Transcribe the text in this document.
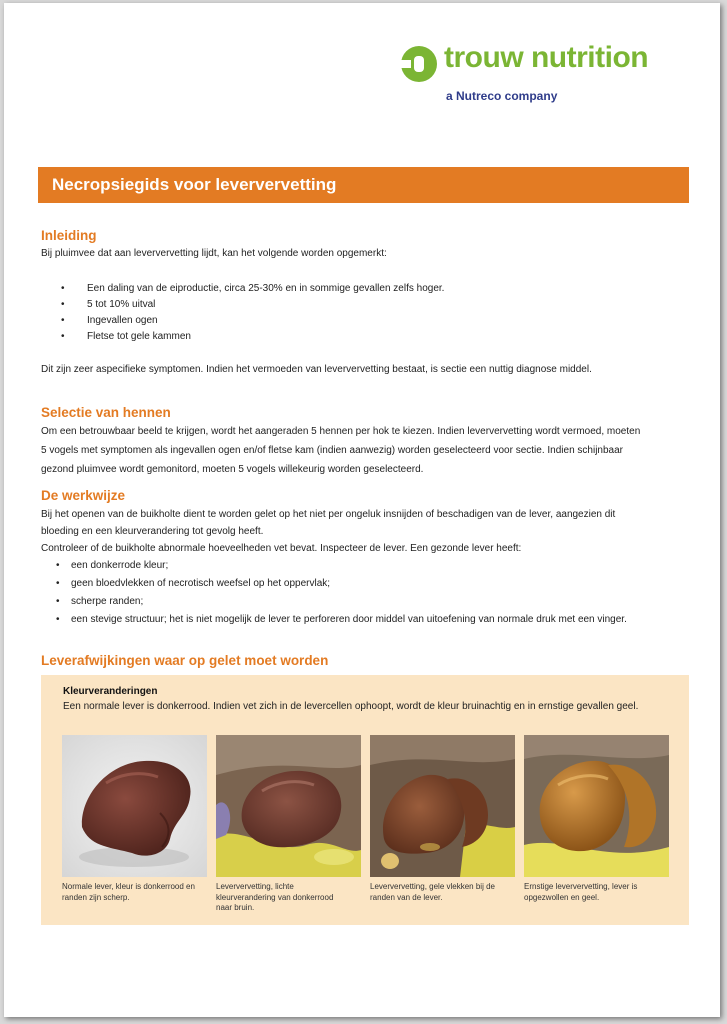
trouw nutrition
a Nutreco company
Necropsiegids voor leververvetting
Inleiding

Bij pluimvee dat aan leververvetting lijdt, kan het volgende worden opgemerkt:

• Een daling van de eiproductie, circa 25-30% en in sommige gevallen zelfs hoger.
• 5 tot 10% uitval
• Ingevallen ogen
• Fletse tot gele kammen

Dit zijn zeer aspecifieke symptomen. Indien het vermoeden van leververvetting bestaat, is sectie een nuttig diagnose middel.

Selectie van hennen

Om een betrouwbaar beeld te krijgen, wordt het aangeraden 5 hennen per hok te kiezen. Indien leververvetting wordt vermoed, moeten 5 vogels met symptomen als ingevallen ogen en/of fletse kam (indien aanwezig) worden geselecteerd voor sectie. Indien schijnbaar gezond pluimvee wordt gemonitord, moeten 5 vogels willekeurig worden geselecteerd.

De werkwijze

Bij het openen van de buikholte dient te worden gelet op het niet per ongeluk insnijden of beschadigen van de lever, aangezien dit bloeding en een kleurverandering tot gevolg heeft.

Controleer of de buikholte abnormale hoeveelheden vet bevat. Inspecteer de lever. Een gezonde lever heeft:

• een donkerrode kleur;
• geen bloedvlekken of necrotisch weefsel op het oppervlak;
• scherpe randen;
• een stevige structuur; het is niet mogelijk de lever te perforeren door middel van uitoefening van normale druk met een vinger.
Leverafwijkingen waar op gelet moet worden
Kleurveranderingen
Een normale lever is donkerrood. Indien vet zich in de levercellen ophoopt, wordt de kleur bruinachtig en in ernstige gevallen geel.
Normale lever, kleur is donkerrood en randen zijn scherp.
Leververvetting, lichte kleurverandering van donkerrood naar bruin.
Leververvetting, gele vlekken bij de randen van de lever.
Ernstige leververvetting, lever is opgezwollen en geel.
